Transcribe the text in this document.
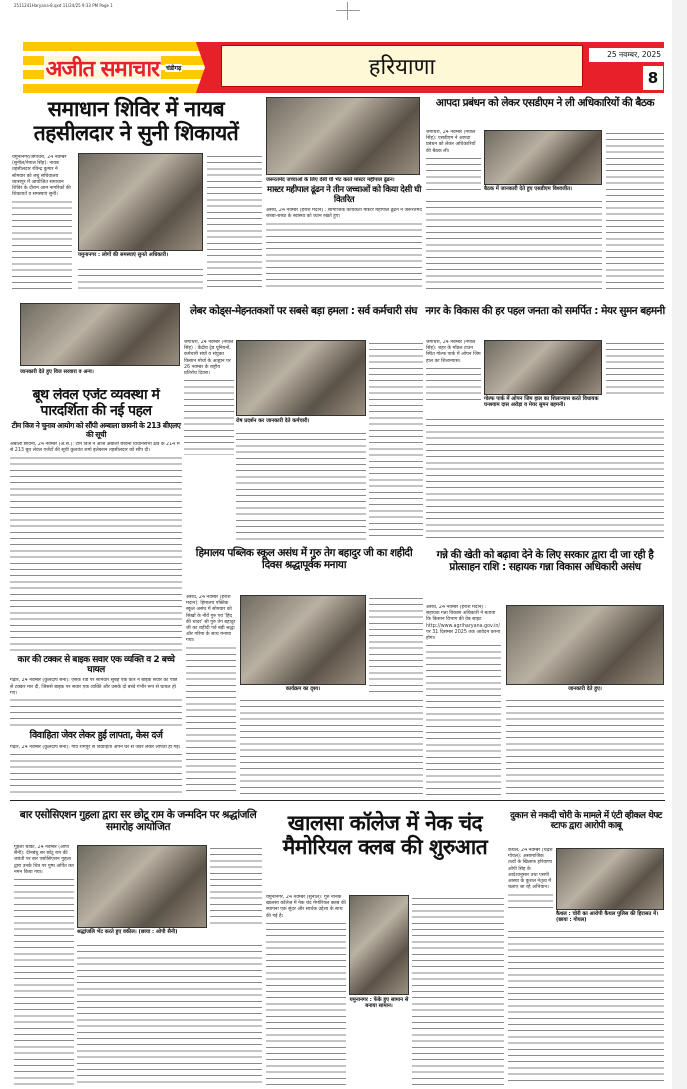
2511241Haryana-8.qxd 11/24/25 9:33 PM Page 1
अजीत समाचार	चंडीगढ़	हरियाणा
25 नवम्बर, 2025
8
समाधान शिविर में नायब तहसीलदार ने सुनी शिकायतें

यमुनानगर/जगाधरी, 24 नवम्बर (सुनील/नेपाल सिंह): नायब तहसीलदार रविन्द्र कुमार ने सोमवार को लघु सचिवालय व्यासपुर में आयोजित समाधान शिविर के दौरान आम नागरिकों की शिकायतें व समस्याएं सुनीं।

यमुनानगर : लोगों की समस्याएं सुनते अधिकारी।
जरूरतमंद जच्चाओं के लिए देसी घी भेंट करते मास्टर महीपाल ढूंढन।
मास्टर महीपाल ढूंढन ने तीन जच्चाओं को किया देसी घी वितरित

असंध, 24 नवम्बर (हरीश मदान) : सामाजिक कार्यकर्ता मास्टर महीपाल ढूंढन ने जरूरतमंद जच्चा-बच्चा के स्वास्थ्य को ध्यान रखते हुए।

आपदा प्रबंधन को लेकर एसडीएम ने ली अधिकारियों की बैठक

जगाधरी, 24 नवम्बर (नेपाल सिंह): एसडीएम ने आपदा प्रबंधन को लेकर अधिकारियों की बैठक ली।

बैठक में जानकारी देते हुए एसडीएम विश्वजीत।
जानकारी देते हुए विज सरवारा व अन्य।
लेबर कोड्स-मेहनतकशों पर सबसे बड़ा हमला : सर्व कर्मचारी संघ

जगाधरी, 24 नवम्बर (नेपाल सिंह) : केंद्रीय ट्रेड यूनियनों, कर्मचारी संघों व संयुक्त किसान मोर्चा के आह्वान पर 26 नवम्बर के राष्ट्रीय प्रतिरोध दिवस।

रोष प्रदर्शन कर जानकारी देते कर्मचारी।
नगर के विकास की हर पहल जनता को समर्पित : मेयर सुमन बहमनी

जगाधरी, 24 नवम्बर (नेपाल सिंह): शहर के मॉडल टाउन स्थित गोल्फ पार्क में ओपन जिम हाल का शिलान्यास।

गोल्फ पार्क में ओपन जिम हाल का शिलान्यास करते विधायक घनश्याम दास अरोड़ा व मेयर सुमन बहमनी।
बूथ लेवल एजेंट व्यवस्था में पारदर्शिता की नई पहल
टीम विज ने चुनाव आयोग को सौंपी अम्बाला छावनी के 213 बीएलए की सूची

अंबाला छावनी, 24 नवम्बर (अ.स.): टीम विज ने आज अंबाला छावनी विधानसभा क्षेत्र के 214 में से 213 बूथ लेवल एजेंटों की सूची कुलवंत शर्मा इलेक्शन तहसीलदार को सौंप दी।

कार की टक्कर से बाइक सवार एक व्यक्ति व 2 बच्चे घायल

गढ़ीर, 24 नवम्बर (कुलदीप सैनी): एसके रोड पर सोमवार सुबह एक कार ने बाइक सवार को पीछे से टक्कर मार दी, जिससे बाइक पर सवार एक व्यक्ति और उसके दो बच्चे गंभीर रूप से घायल हो गए।

विवाहिता जेवर लेकर हुई लापता, केस दर्ज

गढ़ीर, 24 नवम्बर (कुलदीप सैनी): गांव रामपुर से विवाहिता अपने घर से जेवर लेकर लापता हो गई।

हिमालय पब्लिक स्कूल असंध में गुरु तेग बहादुर जी का शहीदी दिवस श्रद्धापूर्वक मनाया

असंध, 24 नवम्बर (हरीश मदान): हिमालय पब्लिक स्कूल असंध में सोमवार को सिखों के नौवें गुरु एवं 'हिंद की चादर' श्री गुरु तेग बहादुर जी का शहीदी पर्व बड़ी श्रद्धा और गरिमा के साथ मनाया गया।

कार्यक्रम का दृश्य।
गन्ने की खेती को बढ़ावा देने के लिए सरकार द्वारा दी जा रही है प्रोत्साहन राशि : सहायक गन्ना विकास अधिकारी असंध

असंध, 24 नवम्बर (हरीश मदान) : सहायक गन्ना विकास अधिकारी ने बताया कि किसान विभाग की वेब साइट http://www.agriharyana.gov.in/ पर 31 दिसम्बर 2025 तक आवेदन करना होगा।

जानकारी देते हुए।
बार एसोसिएशन गुहला द्वारा सर छोटू राम के जन्मदिन पर श्रद्धांजलि समारोह आयोजित

गुहला चीका, 24 नवम्बर (ओपी सैनी): दीनबंधु सर छोटू राम की जयंती पर बार एसोसिएशन गुहला द्वारा उनके चित्र पर पुष्प अर्पित कर नमन किया गया।

श्रद्धांजलि भेंट करते हुए वकील। (छाया : ओपी सैनी)
खालसा कॉलेज में नेक चंद मैमोरियल क्लब की शुरुआत

यमुनानगर, 24 नवम्बर (सुनील): गुरु नानक खालसा कॉलेज में नेक चंद मेमोरियल क्लब की स्थापना एक सुंदर और सार्थक उद्देश्य के साथ की गई है।

यमुनानगर : फेंके हुए सामान से बनाया सामान।
दुकान से नकदी चोरी के मामले में एंटी व्हीकल थेफ्ट स्टाफ द्वारा आरोपी काबू

कैथल, 24 नवम्बर (चंद्रेश गोयल): असामाजिक तत्वों के खिलाफ हरियाणा ओपी सिंह के आदेशानुसार तथा एसपी आस्था के कुशल नेतृत्व में चलाए जा रहे अभियान।

कैथल : चोरी का आरोपी कैथल पुलिस की हिरासत में। (छाया : गोयल)
